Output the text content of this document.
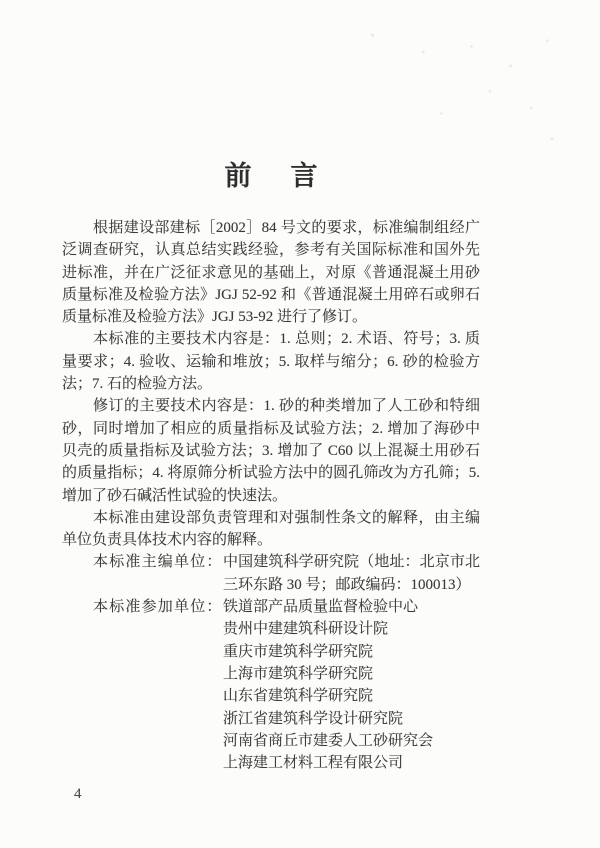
前　言

根据建设部建标［2002］84 号文的要求，标准编制组经广泛调查研究，认真总结实践经验，参考有关国际标准和国外先进标准，并在广泛征求意见的基础上，对原《普通混凝土用砂质量标准及检验方法》JGJ 52-92 和《普通混凝土用碎石或卵石质量标准及检验方法》JGJ 53-92 进行了修订。

本标准的主要技术内容是：1. 总则；2. 术语、符号；3. 质量要求；4. 验收、运输和堆放；5. 取样与缩分；6. 砂的检验方法；7. 石的检验方法。

修订的主要技术内容是：1. 砂的种类增加了人工砂和特细砂，同时增加了相应的质量指标及试验方法；2. 增加了海砂中贝壳的质量指标及试验方法；3. 增加了 C60 以上混凝土用砂石的质量指标；4. 将原筛分析试验方法中的圆孔筛改为方孔筛；5. 增加了砂石碱活性试验的快速法。

本标准由建设部负责管理和对强制性条文的解释，由主编单位负责具体技术内容的解释。

本标准主编单位： 中国建筑科学研究院（地址：北京市北三环东路 30 号；邮政编码：100013）
本标准参加单位： 铁道部产品质量监督检验中心
贵州中建建筑科研设计院
重庆市建筑科学研究院
上海市建筑科学研究院
山东省建筑科学研究院
浙江省建筑科学设计研究院
河南省商丘市建委人工砂研究会
上海建工材料工程有限公司
4
